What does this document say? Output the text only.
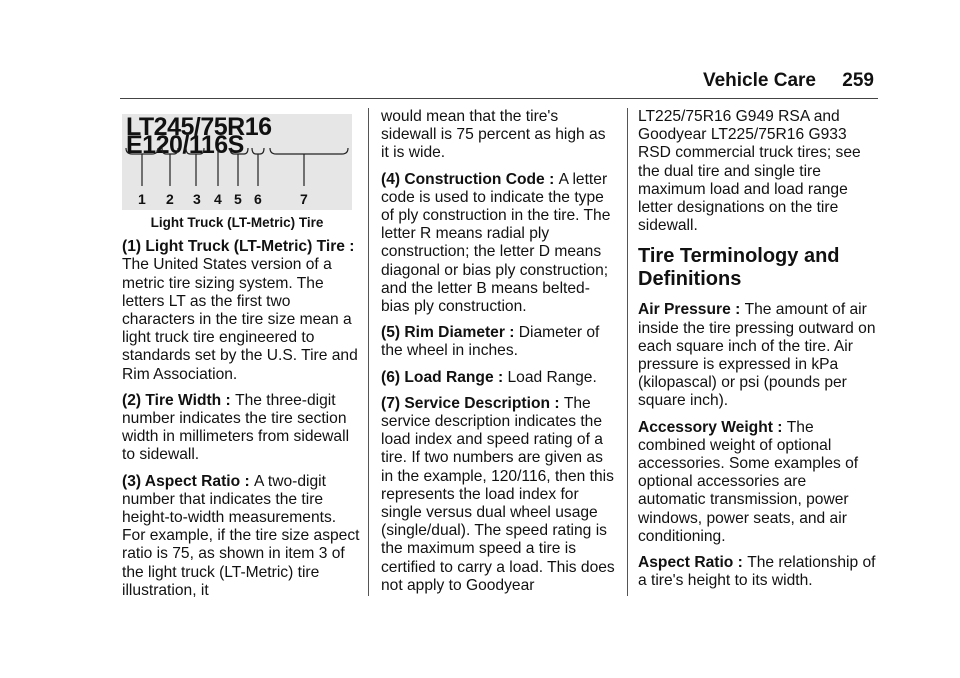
Vehicle Care 259
LT245/75R16 E120/116S
1 2 3 4 5 6	7
Light Truck (LT-Metric) Tire

(1) Light Truck (LT-Metric) Tire : The United States version of a metric tire sizing system. The letters LT as the first two characters in the tire size mean a light truck tire engineered to standards set by the U.S. Tire and Rim Association.

(2) Tire Width : The three-digit number indicates the tire section width in millimeters from sidewall to sidewall.

(3) Aspect Ratio : A two-digit number that indicates the tire height-to-width measurements. For example, if the tire size aspect ratio is 75, as shown in item 3 of the light truck (LT-Metric) tire illustration, it

would mean that the tire's sidewall is 75 percent as high as it is wide.

(4) Construction Code : A letter code is used to indicate the type of ply construction in the tire. The letter R means radial ply construction; the letter D means diagonal or bias ply construction; and the letter B means belted-bias ply construction.

(5) Rim Diameter : Diameter of the wheel in inches.

(6) Load Range : Load Range.

(7) Service Description : The service description indicates the load index and speed rating of a tire. If two numbers are given as in the example, 120/116, then this represents the load index for single versus dual wheel usage (single/dual). The speed rating is the maximum speed a tire is certified to carry a load. This does not apply to Goodyear

LT225/75R16 G949 RSA and Goodyear LT225/75R16 G933 RSD commercial truck tires; see the dual tire and single tire maximum load and load range letter designations on the tire sidewall.

Tire Terminology and Definitions

Air Pressure : The amount of air inside the tire pressing outward on each square inch of the tire. Air pressure is expressed in kPa (kilopascal) or psi (pounds per square inch).

Accessory Weight : The combined weight of optional accessories. Some examples of optional accessories are automatic transmission, power windows, power seats, and air conditioning.

Aspect Ratio : The relationship of a tire's height to its width.
